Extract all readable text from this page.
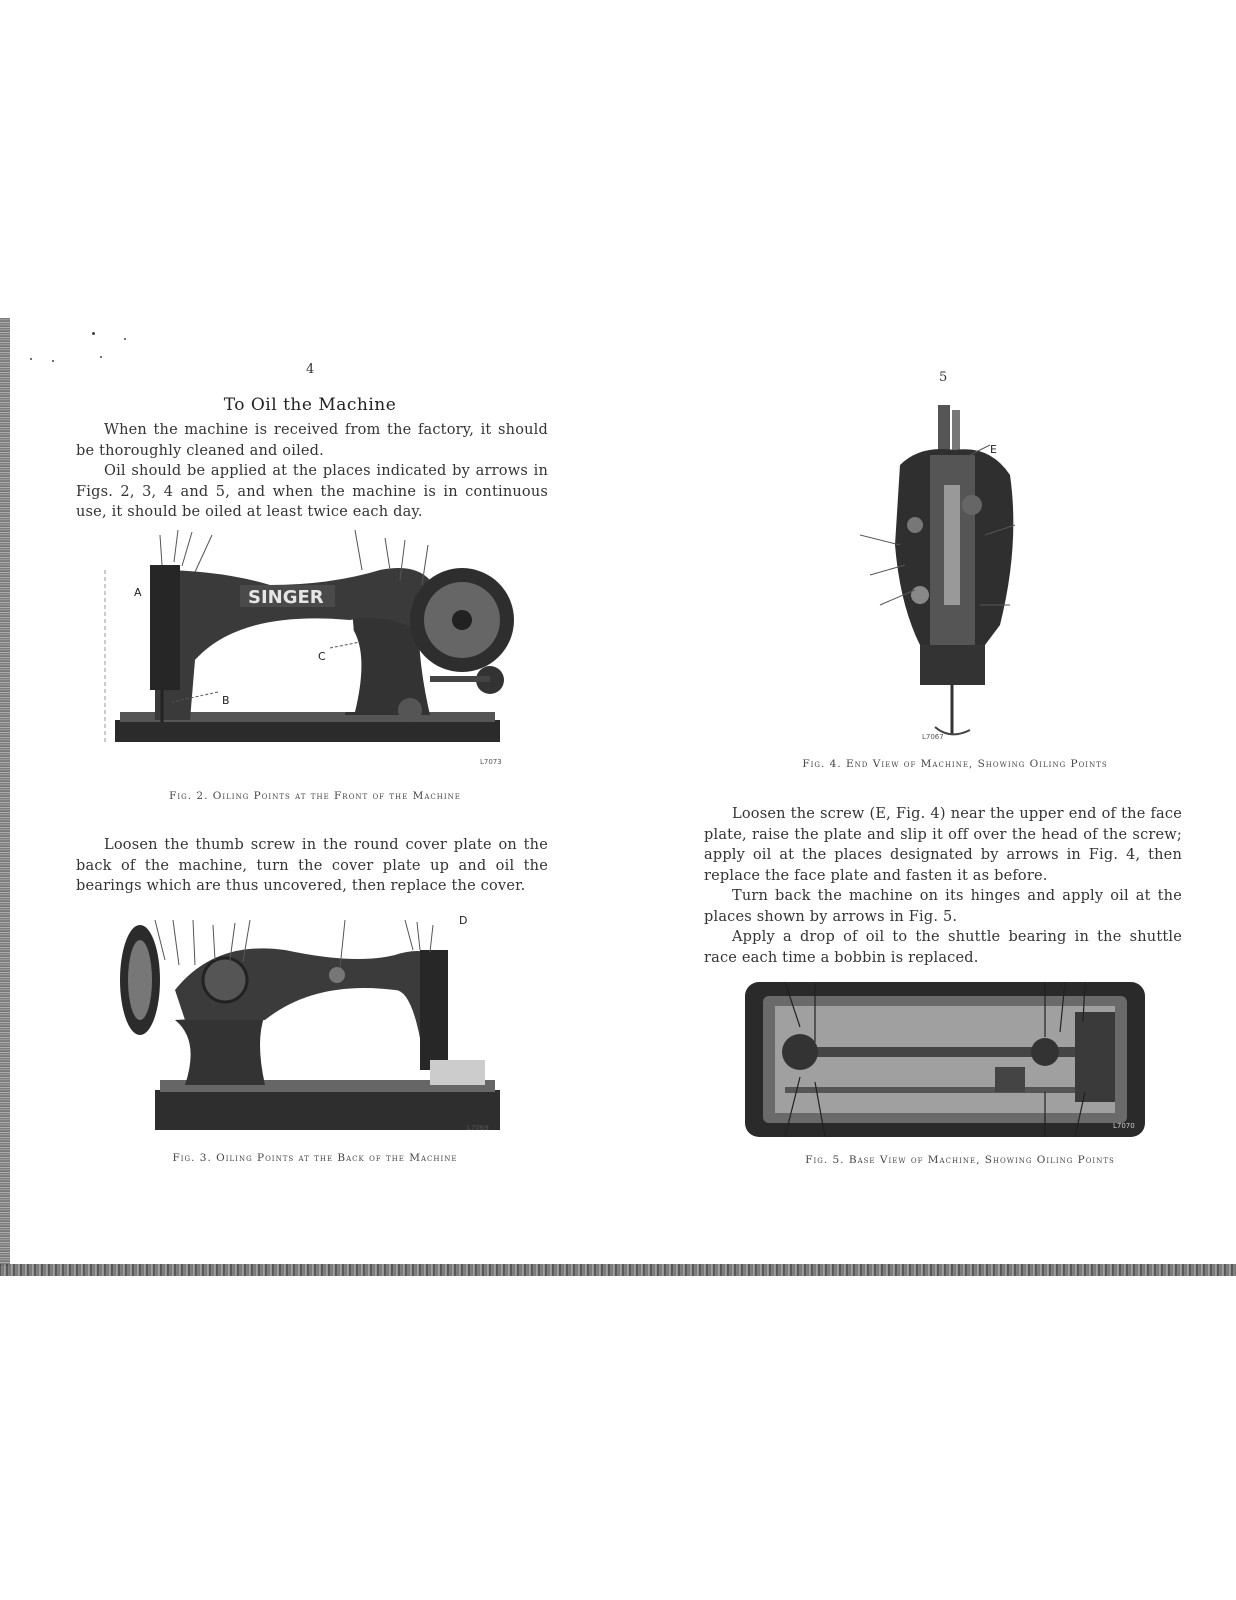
4
To Oil the Machine

When the machine is received from the factory, it should be thoroughly cleaned and oiled.

Oil should be applied at the places indicated by arrows in Figs. 2, 3, 4 and 5, and when the machine is in continuous use, it should be oiled at least twice each day.

SINGER
A
B
C
L7073
Fig. 2. Oiling Points at the Front of the Machine

Loosen the thumb screw in the round cover plate on the back of the machine, turn the cover plate up and oil the bearings which are thus uncovered, then replace the cover.

D
L7069
Fig. 3. Oiling Points at the Back of the Machine
5
E
L7067
Fig. 4. End View of Machine, Showing Oiling Points

Loosen the screw (E, Fig. 4) near the upper end of the face plate, raise the plate and slip it off over the head of the screw; apply oil at the places designated by arrows in Fig. 4, then replace the face plate and fasten it as before.

Turn back the machine on its hinges and apply oil at the places shown by arrows in Fig. 5.

Apply a drop of oil to the shuttle bearing in the shuttle race each time a bobbin is replaced.

L7070
Fig. 5. Base View of Machine, Showing Oiling Points
